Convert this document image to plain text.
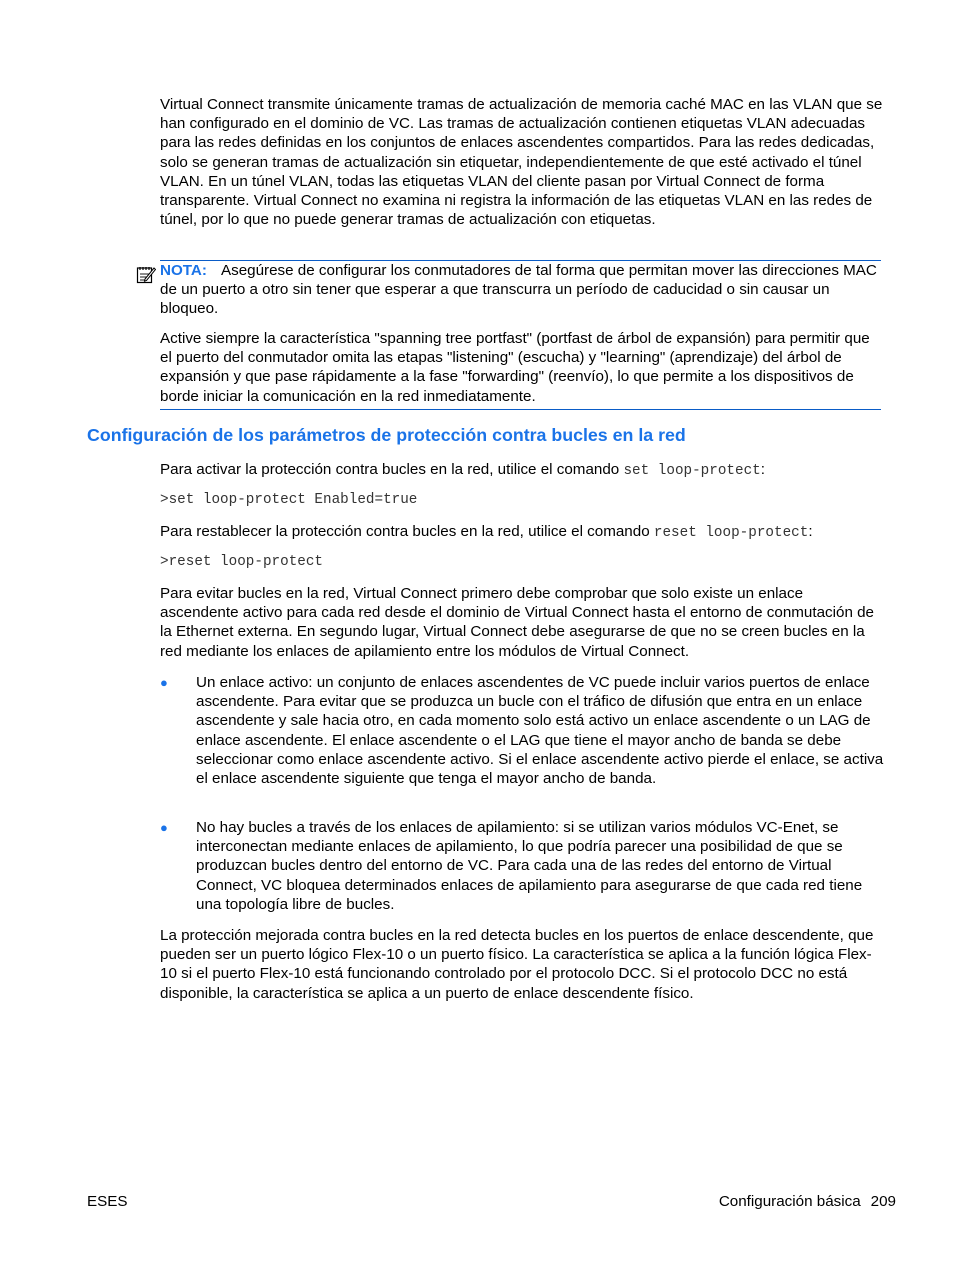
Virtual Connect transmite únicamente tramas de actualización de memoria caché MAC en las VLAN que se han configurado en el dominio de VC. Las tramas de actualización contienen etiquetas VLAN adecuadas para las redes definidas en los conjuntos de enlaces ascendentes compartidos. Para las redes dedicadas, solo se generan tramas de actualización sin etiquetar, independientemente de que esté activado el túnel VLAN. En un túnel VLAN, todas las etiquetas VLAN del cliente pasan por Virtual Connect de forma transparente. Virtual Connect no examina ni registra la información de las etiquetas VLAN en las redes de túnel, por lo que no puede generar tramas de actualización con etiquetas.

NOTA: Asegúrese de configurar los conmutadores de tal forma que permitan mover las direcciones MAC de un puerto a otro sin tener que esperar a que transcurra un período de caducidad o sin causar un bloqueo.

Active siempre la característica "spanning tree portfast" (portfast de árbol de expansión) para permitir que el puerto del conmutador omita las etapas "listening" (escucha) y "learning" (aprendizaje) del árbol de expansión y que pase rápidamente a la fase "forwarding" (reenvío), lo que permite a los dispositivos de borde iniciar la comunicación en la red inmediatamente.

Configuración de los parámetros de protección contra bucles en la red

Para activar la protección contra bucles en la red, utilice el comando set loop-protect:

>set loop-protect Enabled=true

Para restablecer la protección contra bucles en la red, utilice el comando reset loop-protect:

>reset loop-protect

Para evitar bucles en la red, Virtual Connect primero debe comprobar que solo existe un enlace ascendente activo para cada red desde el dominio de Virtual Connect hasta el entorno de conmutación de la Ethernet externa. En segundo lugar, Virtual Connect debe asegurarse de que no se creen bucles en la red mediante los enlaces de apilamiento entre los módulos de Virtual Connect.

● Un enlace activo: un conjunto de enlaces ascendentes de VC puede incluir varios puertos de enlace ascendente. Para evitar que se produzca un bucle con el tráfico de difusión que entra en un enlace ascendente y sale hacia otro, en cada momento solo está activo un enlace ascendente o un LAG de enlace ascendente. El enlace ascendente o el LAG que tiene el mayor ancho de banda se debe seleccionar como enlace ascendente activo. Si el enlace ascendente activo pierde el enlace, se activa el enlace ascendente siguiente que tenga el mayor ancho de banda.

● No hay bucles a través de los enlaces de apilamiento: si se utilizan varios módulos VC-Enet, se interconectan mediante enlaces de apilamiento, lo que podría parecer una posibilidad de que se produzcan bucles dentro del entorno de VC. Para cada una de las redes del entorno de Virtual Connect, VC bloquea determinados enlaces de apilamiento para asegurarse de que cada red tiene una topología libre de bucles.

La protección mejorada contra bucles en la red detecta bucles en los puertos de enlace descendente, que pueden ser un puerto lógico Flex-10 o un puerto físico. La característica se aplica a la función lógica Flex-10 si el puerto Flex-10 está funcionando controlado por el protocolo DCC. Si el protocolo DCC no está disponible, la característica se aplica a un puerto de enlace descendente físico.

ESES	Configuración básica 209
